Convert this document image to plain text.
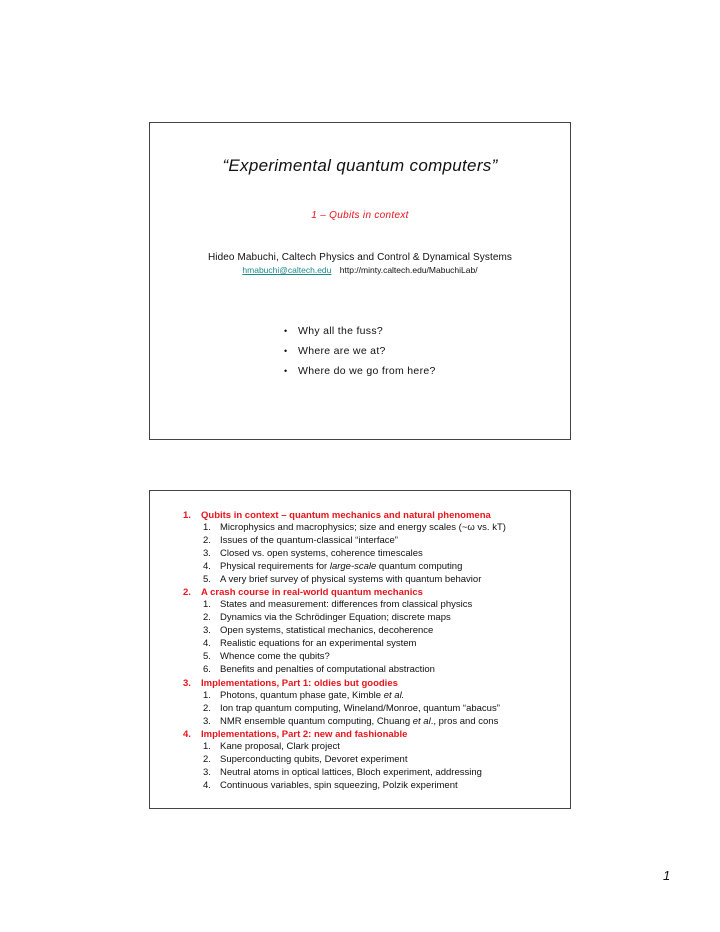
“Experimental quantum computers”
1 – Qubits in context
Hideo Mabuchi, Caltech Physics and Control & Dynamical Systems
hmabuchi@caltech.edu http://minty.caltech.edu/MabuchiLab/
• Why all the fuss?
• Where are we at?
• Where do we go from here?
1. Qubits in context – quantum mechanics and natural phenomena
1. Microphysics and macrophysics; size and energy scales (~ω vs. kT)
2. Issues of the quantum-classical “interface”
3. Closed vs. open systems, coherence timescales
4. Physical requirements for large-scale quantum computing
5. A very brief survey of physical systems with quantum behavior
2. A crash course in real-world quantum mechanics
1. States and measurement: differences from classical physics
2. Dynamics via the Schrödinger Equation; discrete maps
3. Open systems, statistical mechanics, decoherence
4. Realistic equations for an experimental system
5. Whence come the qubits?
6. Benefits and penalties of computational abstraction
3. Implementations, Part 1: oldies but goodies
1. Photons, quantum phase gate, Kimble et al.
2. Ion trap quantum computing, Wineland/Monroe, quantum “abacus”
3. NMR ensemble quantum computing, Chuang et al., pros and cons
4. Implementations, Part 2: new and fashionable
1. Kane proposal, Clark project
2. Superconducting qubits, Devoret experiment
3. Neutral atoms in optical lattices, Bloch experiment, addressing
4. Continuous variables, spin squeezing, Polzik experiment
1
